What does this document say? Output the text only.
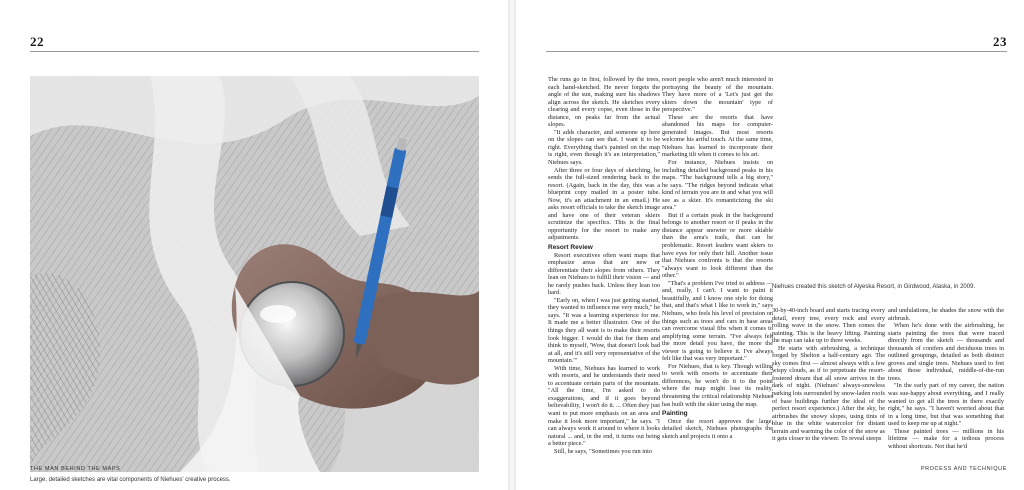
22
Large, detailed sketches are vital components of Niehues' creative process.
THE MAN BEHIND THE MAPS
23

The runs go in first, followed by the trees, each hand-sketched. He never forgets the angle of the sun, making sure his shadows align across the sketch. He sketches every clearing and every copse, even those in the distance, on peaks far from the actual slopes.

"It adds character, and someone up here on the slopes can see that. I want it to be right. Everything that's painted on the map is right, even though it's an interpretation," Niehues says.

After three or four days of sketching, he sends the full-sized rendering back to the resort. (Again, back in the day, this was a blueprint copy mailed in a poster tube. Now, it's an attachment in an email.) He asks resort officials to take the sketch image and have one of their veteran skiers scrutinize the specifics. This is the final opportunity for the resort to make any adjustments.

Resort Review

Resort executives often want maps that emphasize areas that are new or differentiate their slopes from others. They lean on Niehues to fulfill their vision — and he rarely pushes back. Unless they lean too hard.

"Early on, when I was just getting started, they wanted to influence me very much," he says. "It was a learning experience for me. It made me a better illustrator. One of the things they all want is to make their resorts look bigger. I would do that for them and think to myself, 'Wow, that doesn't look bad at all, and it's still very representative of the mountain.'"

With time, Niehues has learned to work with resorts, and he understands their need to accentuate certain parts of the mountain. "All the time, I'm asked to do exaggerations, and if it goes beyond believability, I won't do it. ... Often they just want to put more emphasis on an area and make it look more important," he says. "I can always work it around to where it looks natural ... and, in the end, it turns out being a better piece."

Still, he says, "Sometimes you run into

resort people who aren't much interested in portraying the beauty of the mountain. They have more of a 'Let's just get the skiers down the mountain' type of perspective."

These are the resorts that have abandoned his maps for computer-generated images. But most resorts welcome his artful touch. At the same time, Niehues has learned to incorporate their marketing tilt when it comes to his art.

For instance, Niehues insists on including detailed background peaks in his maps. "The background tells a big story," he says. "The ridges beyond indicate what kind of terrain you are in and what you will see as a skier. It's romanticizing the ski area."

But if a certain peak in the background belongs to another resort or if peaks in the distance appear snowier or more skiable than the area's trails, that can be problematic. Resort leaders want skiers to have eyes for only their hill. Another issue that Niehues confronts is that the resorts "always want to look different than the other."

"That's a problem I've tried to address — and, really, I can't. I want to paint it beautifully, and I know one style for doing that, and that's what I like to work in," says Niehues, who feels his level of precision on things such as trees and cars in base areas can overcome visual fibs when it comes to amplifying some terrain. "I've always felt the more detail you have, the more the viewer is going to believe it. I've always felt like that was very important."

For Niehues, that is key. Though willing to work with resorts to accentuate their differences, he won't do it to the point where the map might lose its reality, threatening the critical relationship Niehues has built with the skier using the map.

Painting

Once the resort approves the large, detailed sketch, Niehues photographs the sketch and projects it onto a

Niehues created this sketch of Alyeska Resort, in Girdwood, Alaska, in 2009.

30-by-40-inch board and starts tracing every detail, every tree, every rock and every rolling wave in the snow. Then comes the painting. This is the heavy lifting. Painting the map can take up to three weeks.

He starts with airbrushing, a technique forged by Shelton a half-century ago. The sky comes first — almost always with a few wispy clouds, as if to perpetuate the resort-fostered dream that all snow arrives in the dark of night. (Niehues' always-snowless parking lots surrounded by snow-laden roofs of base buildings further the ideal of the perfect resort experience.) After the sky, he airbrushes the snowy slopes, using tints of blue in the white watercolor for distant terrain and warming the color of the snow as it gets closer to the viewer. To reveal steeps

and undulations, he shades the snow with the airbrush.

When he's done with the airbrushing, he starts painting the trees that were traced directly from the sketch — thousands and thousands of conifers and deciduous trees in outlined groupings, detailed as both distinct groves and single trees. Niehues used to fret about those individual, middle-of-the-run trees.

"In the early part of my career, the nation was sue-happy about everything, and I really wanted to get all the trees in there exactly right," he says. "I haven't worried about that in a long time, but that was something that used to keep me up at night."

Those painted trees — millions in his lifetime — make for a tedious process without shortcuts. Not that he'd

PROCESS AND TECHNIQUE
